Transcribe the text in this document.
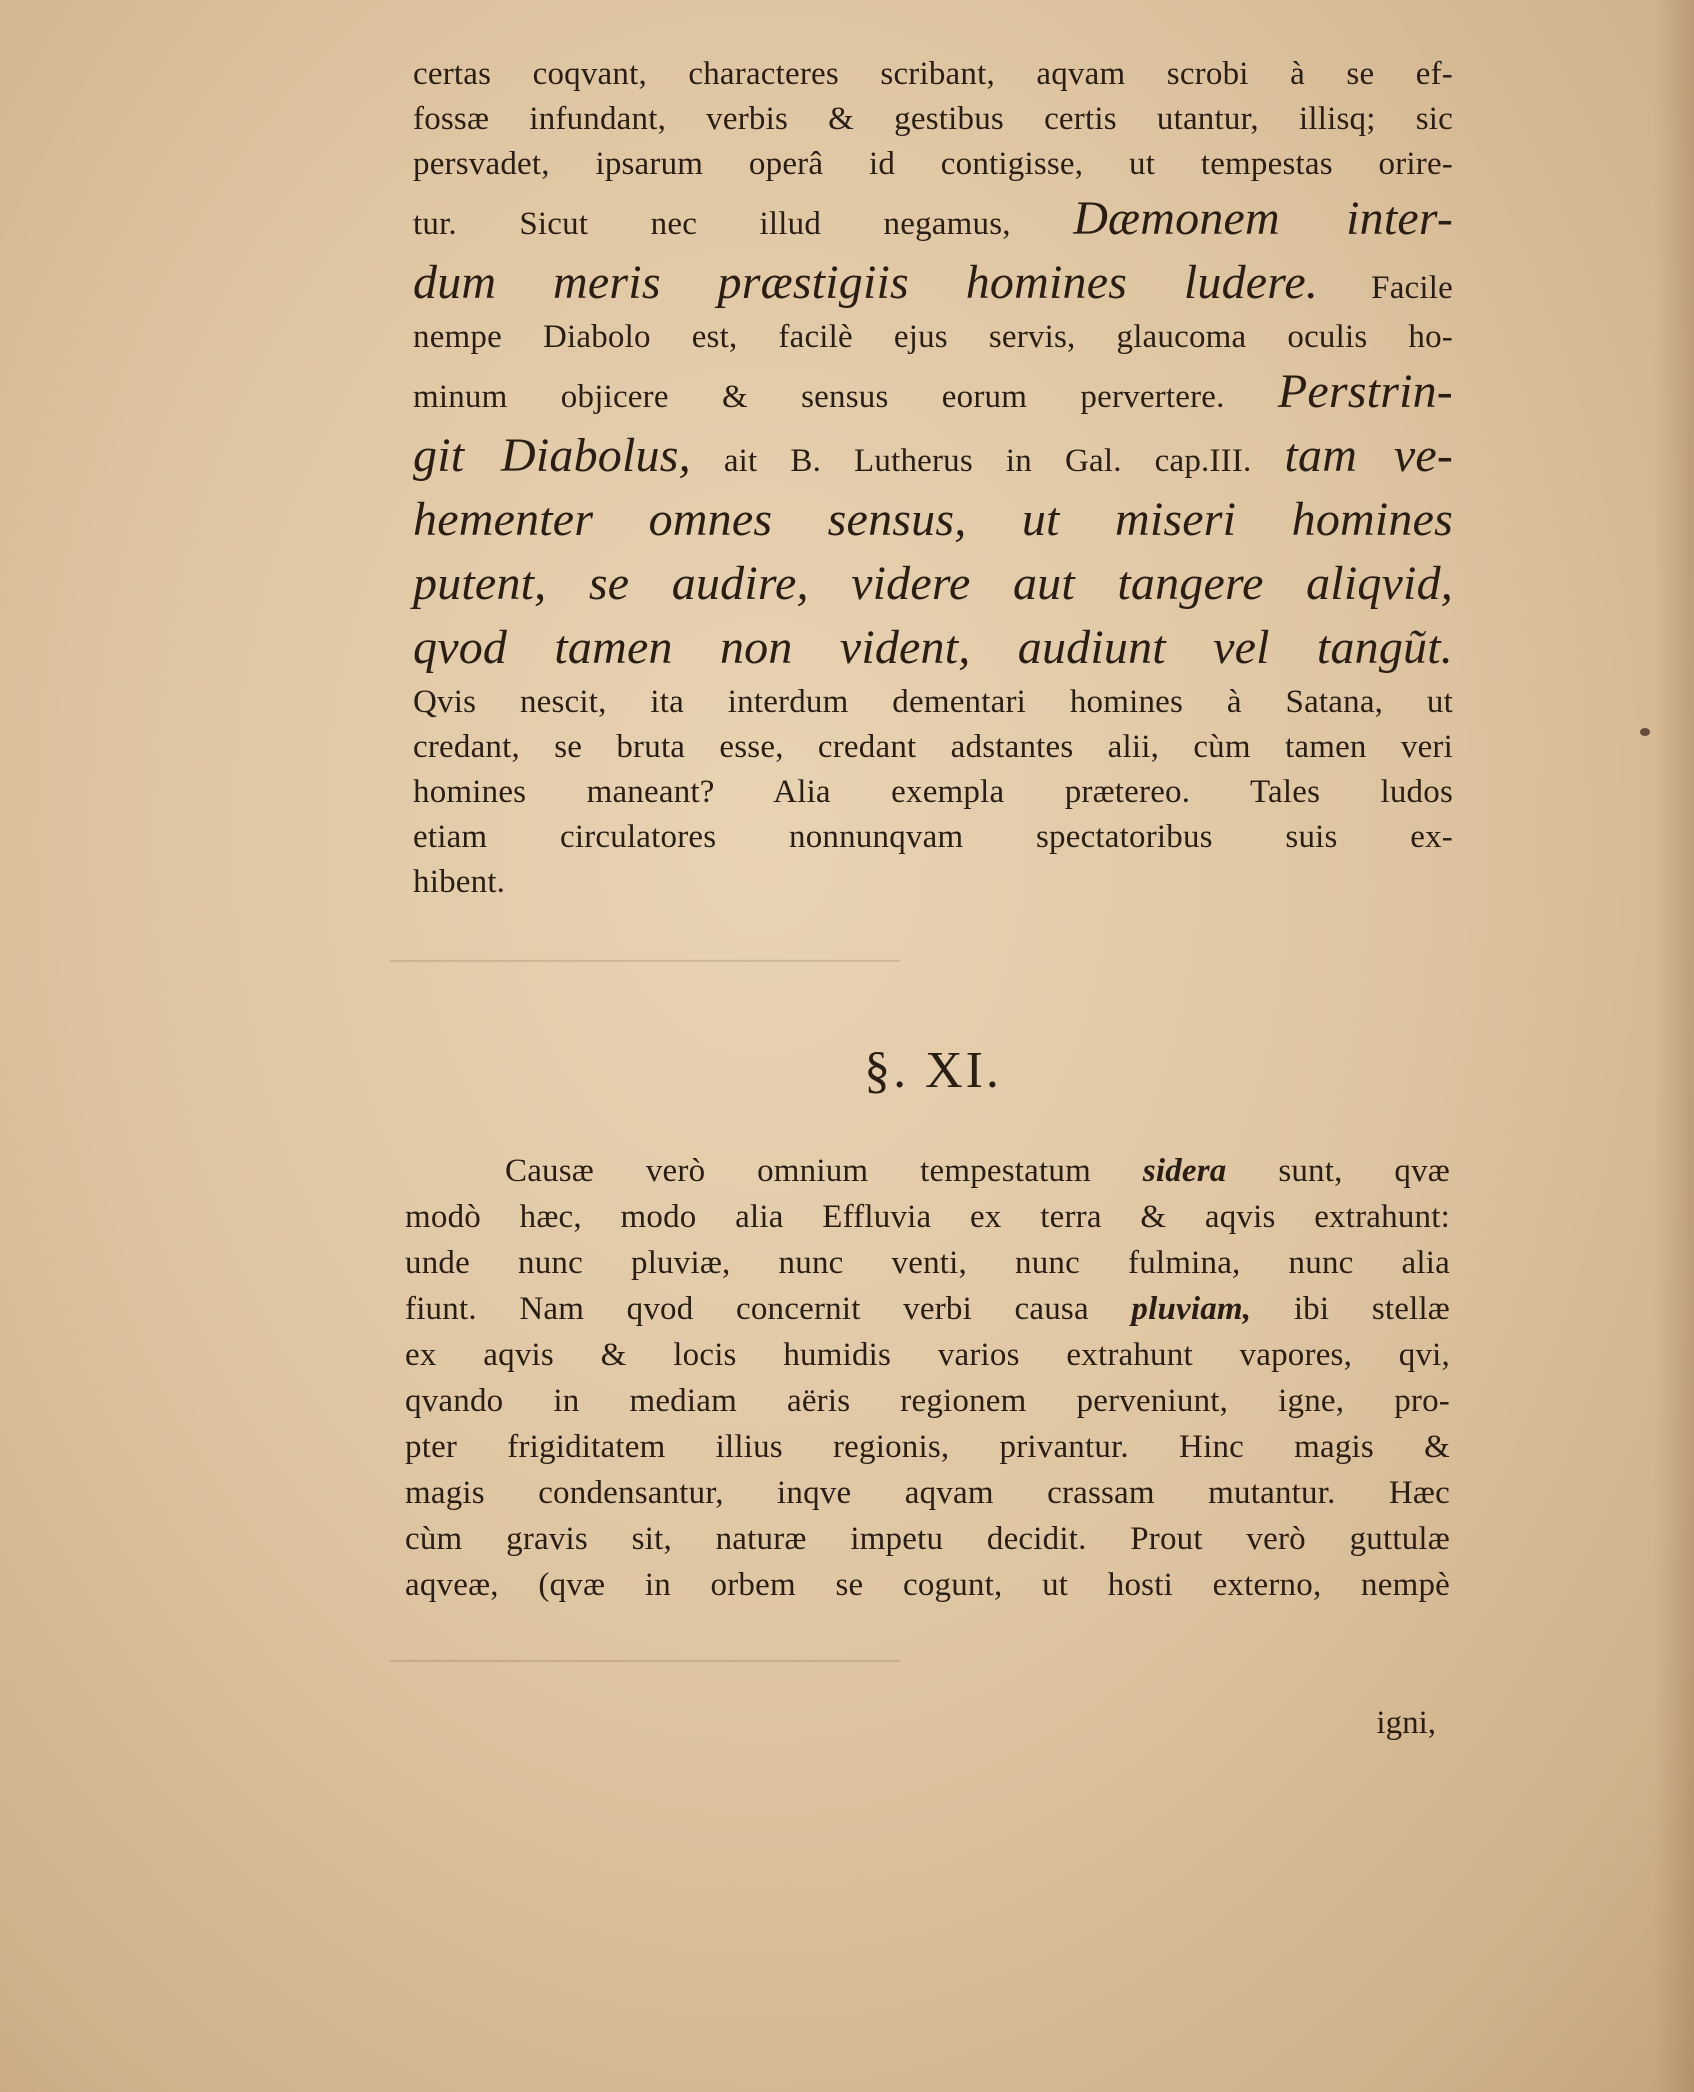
────────────────────────
────────────────────────
certas coqvant, characteres scribant, aqvam scrobi à se ef-
fossæ infundant, verbis & gestibus certis utantur, illisq; sic
persvadet, ipsarum operâ id contigisse, ut tempestas orire-
tur. Sicut nec illud negamus, Dæmonem inter-
dum meris præstigiis homines ludere. Facile
nempe Diabolo est, facilè ejus servis, glaucoma oculis ho-
minum objicere & sensus eorum pervertere. Perstrin-
git Diabolus, ait B. Lutherus in Gal. cap.III. tam ve-
hementer omnes sensus, ut miseri homines
putent, se audire, videre aut tangere aliqvid,
qvod tamen non vident, audiunt vel tangũt.
Qvis nescit, ita interdum dementari homines à Satana, ut
credant, se bruta esse, credant adstantes alii, cùm tamen veri
homines maneant? Alia exempla prætereo. Tales ludos
etiam circulatores nonnunqvam spectatoribus suis ex-
hibent.
§. XI.
Causæ verò omnium tempestatum sidera sunt, qvæ
modò hæc, modo alia Effluvia ex terra & aqvis extrahunt:
unde nunc pluviæ, nunc venti, nunc fulmina, nunc alia
fiunt. Nam qvod concernit verbi causa pluviam, ibi stellæ
ex aqvis & locis humidis varios extrahunt vapores, qvi,
qvando in mediam aëris regionem perveniunt, igne, pro-
pter frigiditatem illius regionis, privantur. Hinc magis &
magis condensantur, inqve aqvam crassam mutantur. Hæc
cùm gravis sit, naturæ impetu decidit. Prout verò guttulæ
aqveæ, (qvæ in orbem se cogunt, ut hosti externo, nempè
igni,
